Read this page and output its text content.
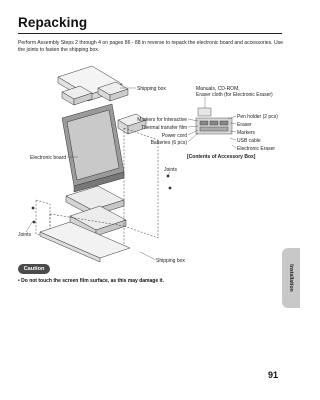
Repacking
Perform Assembly Steps 2 through 4 on pages 86 - 88 in reverse to repack the electronic board and accessories. Use the joints to fasten the shipping box.
Shipping box	Manuals, CD-ROM,
Eraser cloth (for Electronic Eraser)
Pen holder (2 pcs)
Markers for Interactive
Eraser
Thermal transfer film
Markers
Power cord
USB cable
Batteries (6 pcs)
Electronic Eraser
[Contents of Accessory Box]
Electronic board
Joints
Joints
Shipping box
Caution
• Do not touch the screen film surface, as this may damage it.	Installation
91
